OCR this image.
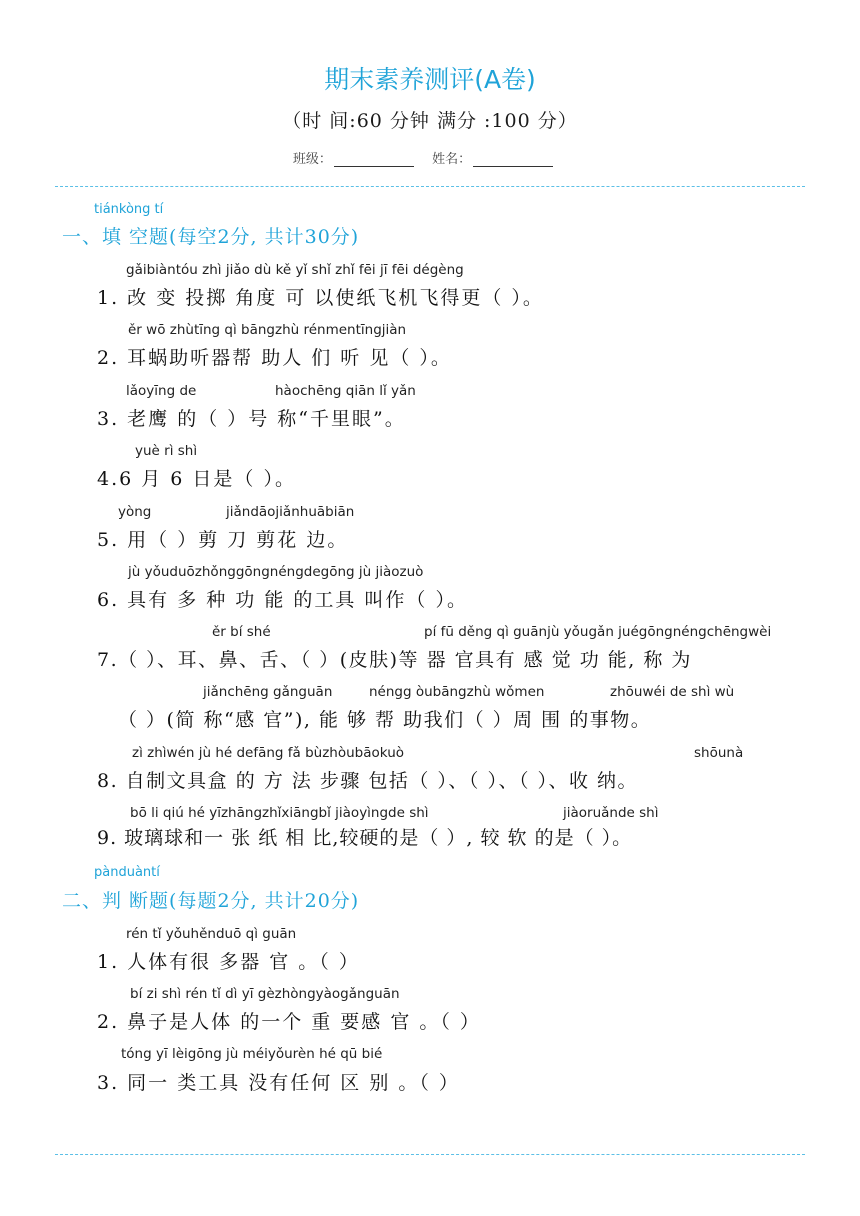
期末素养测评(A卷)
（时 间:60 分钟 满分 :100 分）
班级：	姓名：
tiánkòng tí
一、填 空题(每空2分, 共计30分)
gǎibiàntóu zhì jiǎo dù kě yǐ shǐ zhǐ fēi jī fēi dégèng
1. 改 变 投掷 角度 可 以使纸飞机飞得更（ ）。
ěr wō zhùtīng qì bāngzhù rénmentīngjiàn
2. 耳蜗助听器帮 助人 们 听 见（ ）。
lǎoyīng de	hàochēng qiān lǐ yǎn
3. 老鹰 的（ ）号 称“千里眼”。
yuè rì shì
4.6 月 6 日是（ ）。
yòng	jiǎndāojiǎnhuābiān
5. 用（ ）剪 刀 剪花 边。
jù yǒuduōzhǒnggōngnéngdegōng jù jiàozuò
6. 具有 多 种 功 能 的工具 叫作（ ）。
ěr bí shé	pí fū děng qì guānjù yǒugǎn juégōngnéngchēngwèi
7.（ ）、耳、鼻、舌、（ ）(皮肤)等 器 官具有 感 觉 功 能, 称 为
jiǎnchēng gǎnguān	néngg òubāngzhù wǒmen	zhōuwéi de shì wù
（ ）(简 称“感 官”), 能 够 帮 助我们（ ）周 围 的事物。
zì zhìwén jù hé defāng fǎ bùzhòubāokuò	shōunà
8. 自制文具盒 的 方 法 步骤 包括（ ）、（ ）、（ ）、收 纳。
bō li qiú hé yīzhāngzhǐxiāngbǐ jiàoyìngde shì	jiàoruǎnde shì
9. 玻璃球和一 张 纸 相 比,较硬的是（ ）, 较 软 的是（ ）。
pànduàntí
二、判 断题(每题2分, 共计20分)
rén tǐ yǒuhěnduō qì guān
1. 人体有很 多器 官 。（ ）
bí zi shì rén tǐ dì yī gèzhòngyàogǎnguān
2. 鼻子是人体 的一个 重 要感 官 。（ ）
tóng yī lèigōng jù méiyǒurèn hé qū bié
3. 同一 类工具 没有任何 区 别 。（ ）
